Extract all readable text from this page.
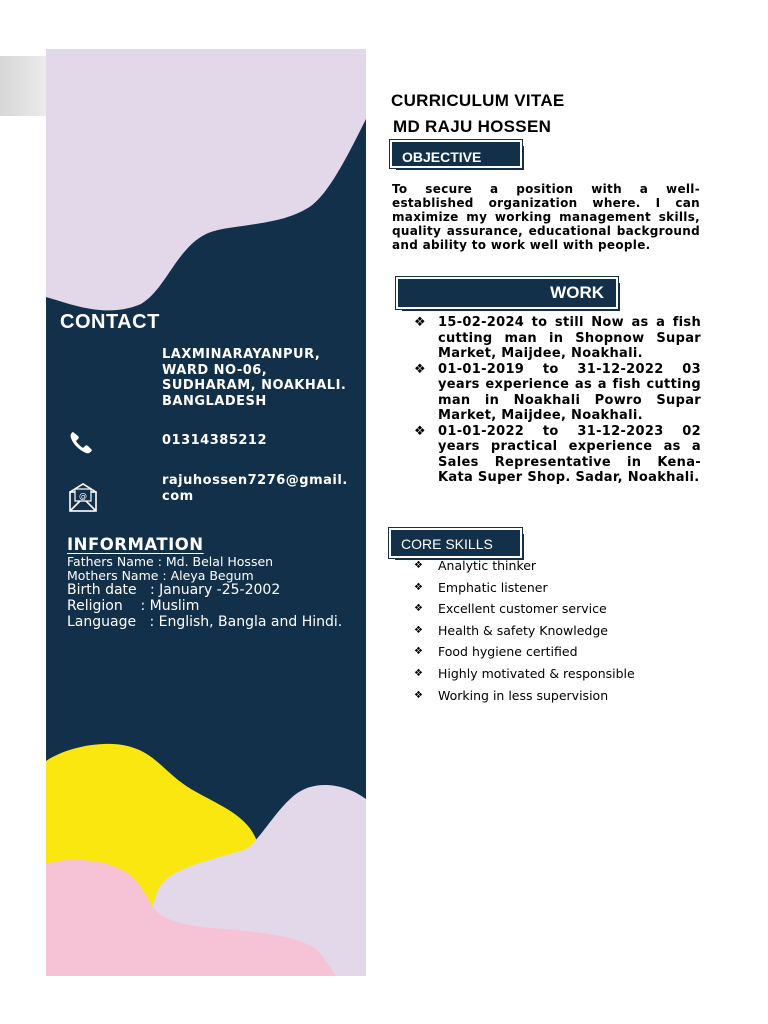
CONTACT
LAXMINARAYANPUR,
WARD NO-06,
SUDHARAM, NOAKHALI.
BANGLADESH
01314385212
@
rajuhossen7276@gmail.
com
INFORMATION
Fathers Name : Md. Belal Hossen
Mothers Name : Aleya Begum
Birth date   : January -25-2002
Religion    : Muslim
Language   : English, Bangla and Hindi.
CURRICULUM VITAE
MD RAJU HOSSEN
OBJECTIVE
To secure a position with a well-established organization where. I can maximize my working management skills, quality assurance, educational background and ability to work well with people.
WORK
❖ 15-02-2024 to still Now as a fish cutting man in Shopnow Supar Market, Maijdee, Noakhali.
❖ 01-01-2019 to 31-12-2022 03 years experience as a fish cutting man in Noakhali Powro Supar Market, Maijdee, Noakhali.
❖ 01-01-2022 to 31-12-2023 02 years practical experience as a Sales Representative in Kena-Kata Super Shop. Sadar, Noakhali.
CORE SKILLS
❖ Analytic thinker
❖ Emphatic listener
❖ Excellent customer service
❖ Health & safety Knowledge
❖ Food hygiene certified
❖ Highly motivated & responsible
❖ Working in less supervision
